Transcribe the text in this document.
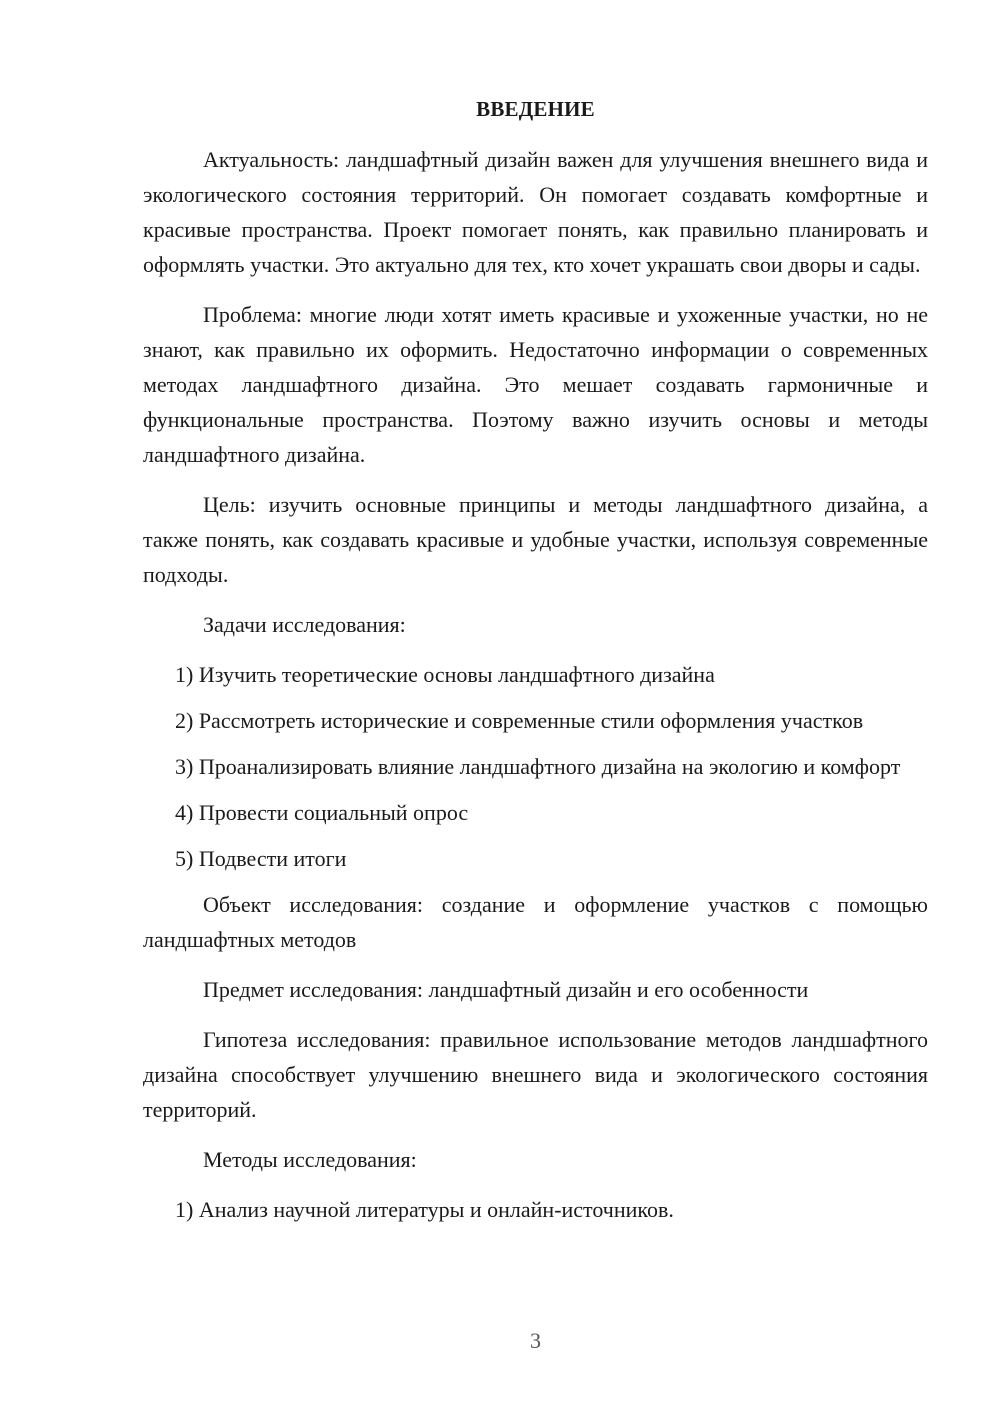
ВВЕДЕНИЕ

Актуальность: ландшафтный дизайн важен для улучшения внешнего вида и экологического состояния территорий. Он помогает создавать комфортные и красивые пространства. Проект помогает понять, как правильно планировать и оформлять участки. Это актуально для тех, кто хочет украшать свои дворы и сады.

Проблема: многие люди хотят иметь красивые и ухоженные участки, но не знают, как правильно их оформить. Недостаточно информации о современных методах ландшафтного дизайна. Это мешает создавать гармоничные и функциональные пространства. Поэтому важно изучить основы и методы ландшафтного дизайна.

Цель: изучить основные принципы и методы ландшафтного дизайна, а также понять, как создавать красивые и удобные участки, используя современные подходы.

Задачи исследования:

1) Изучить теоретические основы ландшафтного дизайна

2) Рассмотреть исторические и современные стили оформления участков

3) Проанализировать влияние ландшафтного дизайна на экологию и комфорт

4) Провести социальный опрос

5) Подвести итоги

Объект исследования: создание и оформление участков с помощью ландшафтных методов

Предмет исследования: ландшафтный дизайн и его особенности

Гипотеза исследования: правильное использование методов ландшафтного дизайна способствует улучшению внешнего вида и экологического состояния территорий.

Методы исследования:

1) Анализ научной литературы и онлайн-источников.

3
